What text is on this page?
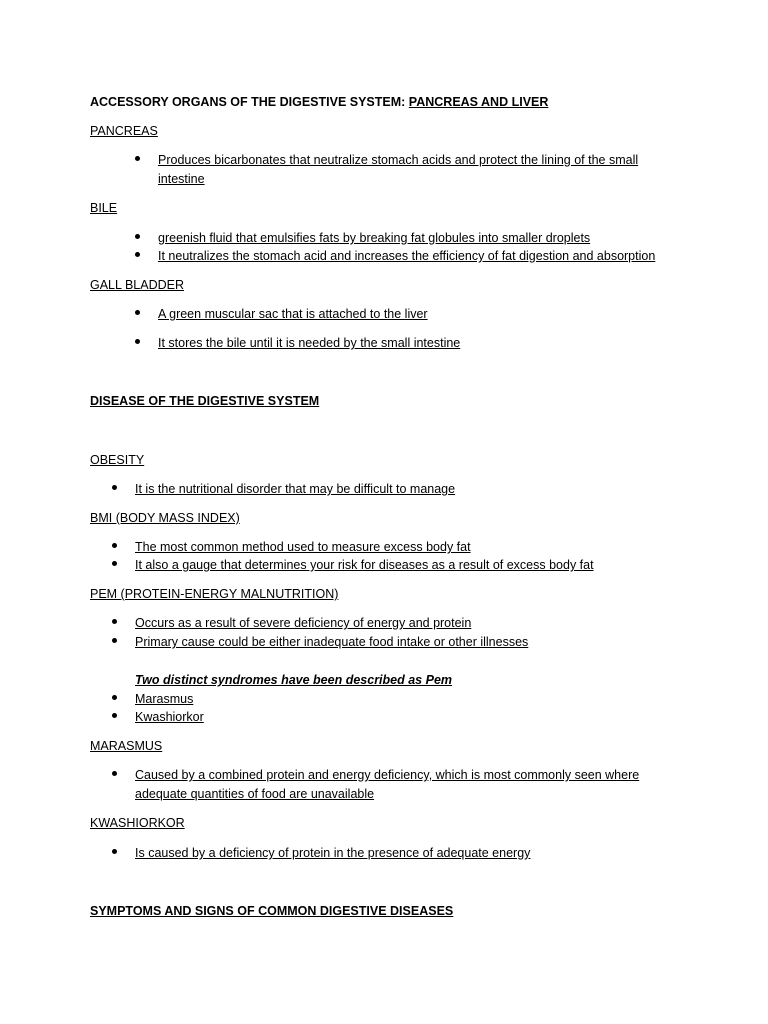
ACCESSORY ORGANS OF THE DIGESTIVE SYSTEM: PANCREAS AND LIVER
PANCREAS
Produces bicarbonates that neutralize stomach acids and protect the lining of the small
intestine
BILE
greenish fluid that emulsifies fats by breaking fat globules into smaller droplets
It neutralizes the stomach acid and increases the efficiency of fat digestion and absorption
GALL BLADDER
A green muscular sac that is attached to the liver
It stores the bile until it is needed by the small intestine
DISEASE OF THE DIGESTIVE SYSTEM
OBESITY
It is the nutritional disorder that may be difficult to manage
BMI (BODY MASS INDEX)
The most common method used to measure excess body fat
It also a gauge that determines your risk for diseases as a result of excess body fat
PEM (PROTEIN-ENERGY MALNUTRITION)
Occurs as a result of severe deficiency of energy and protein
Primary cause could be either inadequate food intake or other illnesses
Two distinct syndromes have been described as Pem
Marasmus
Kwashiorkor
MARASMUS
Caused by a combined protein and energy deficiency, which is most commonly seen where
adequate quantities of food are unavailable
KWASHIORKOR
Is caused by a deficiency of protein in the presence of adequate energy
SYMPTOMS AND SIGNS OF COMMON DIGESTIVE DISEASES
